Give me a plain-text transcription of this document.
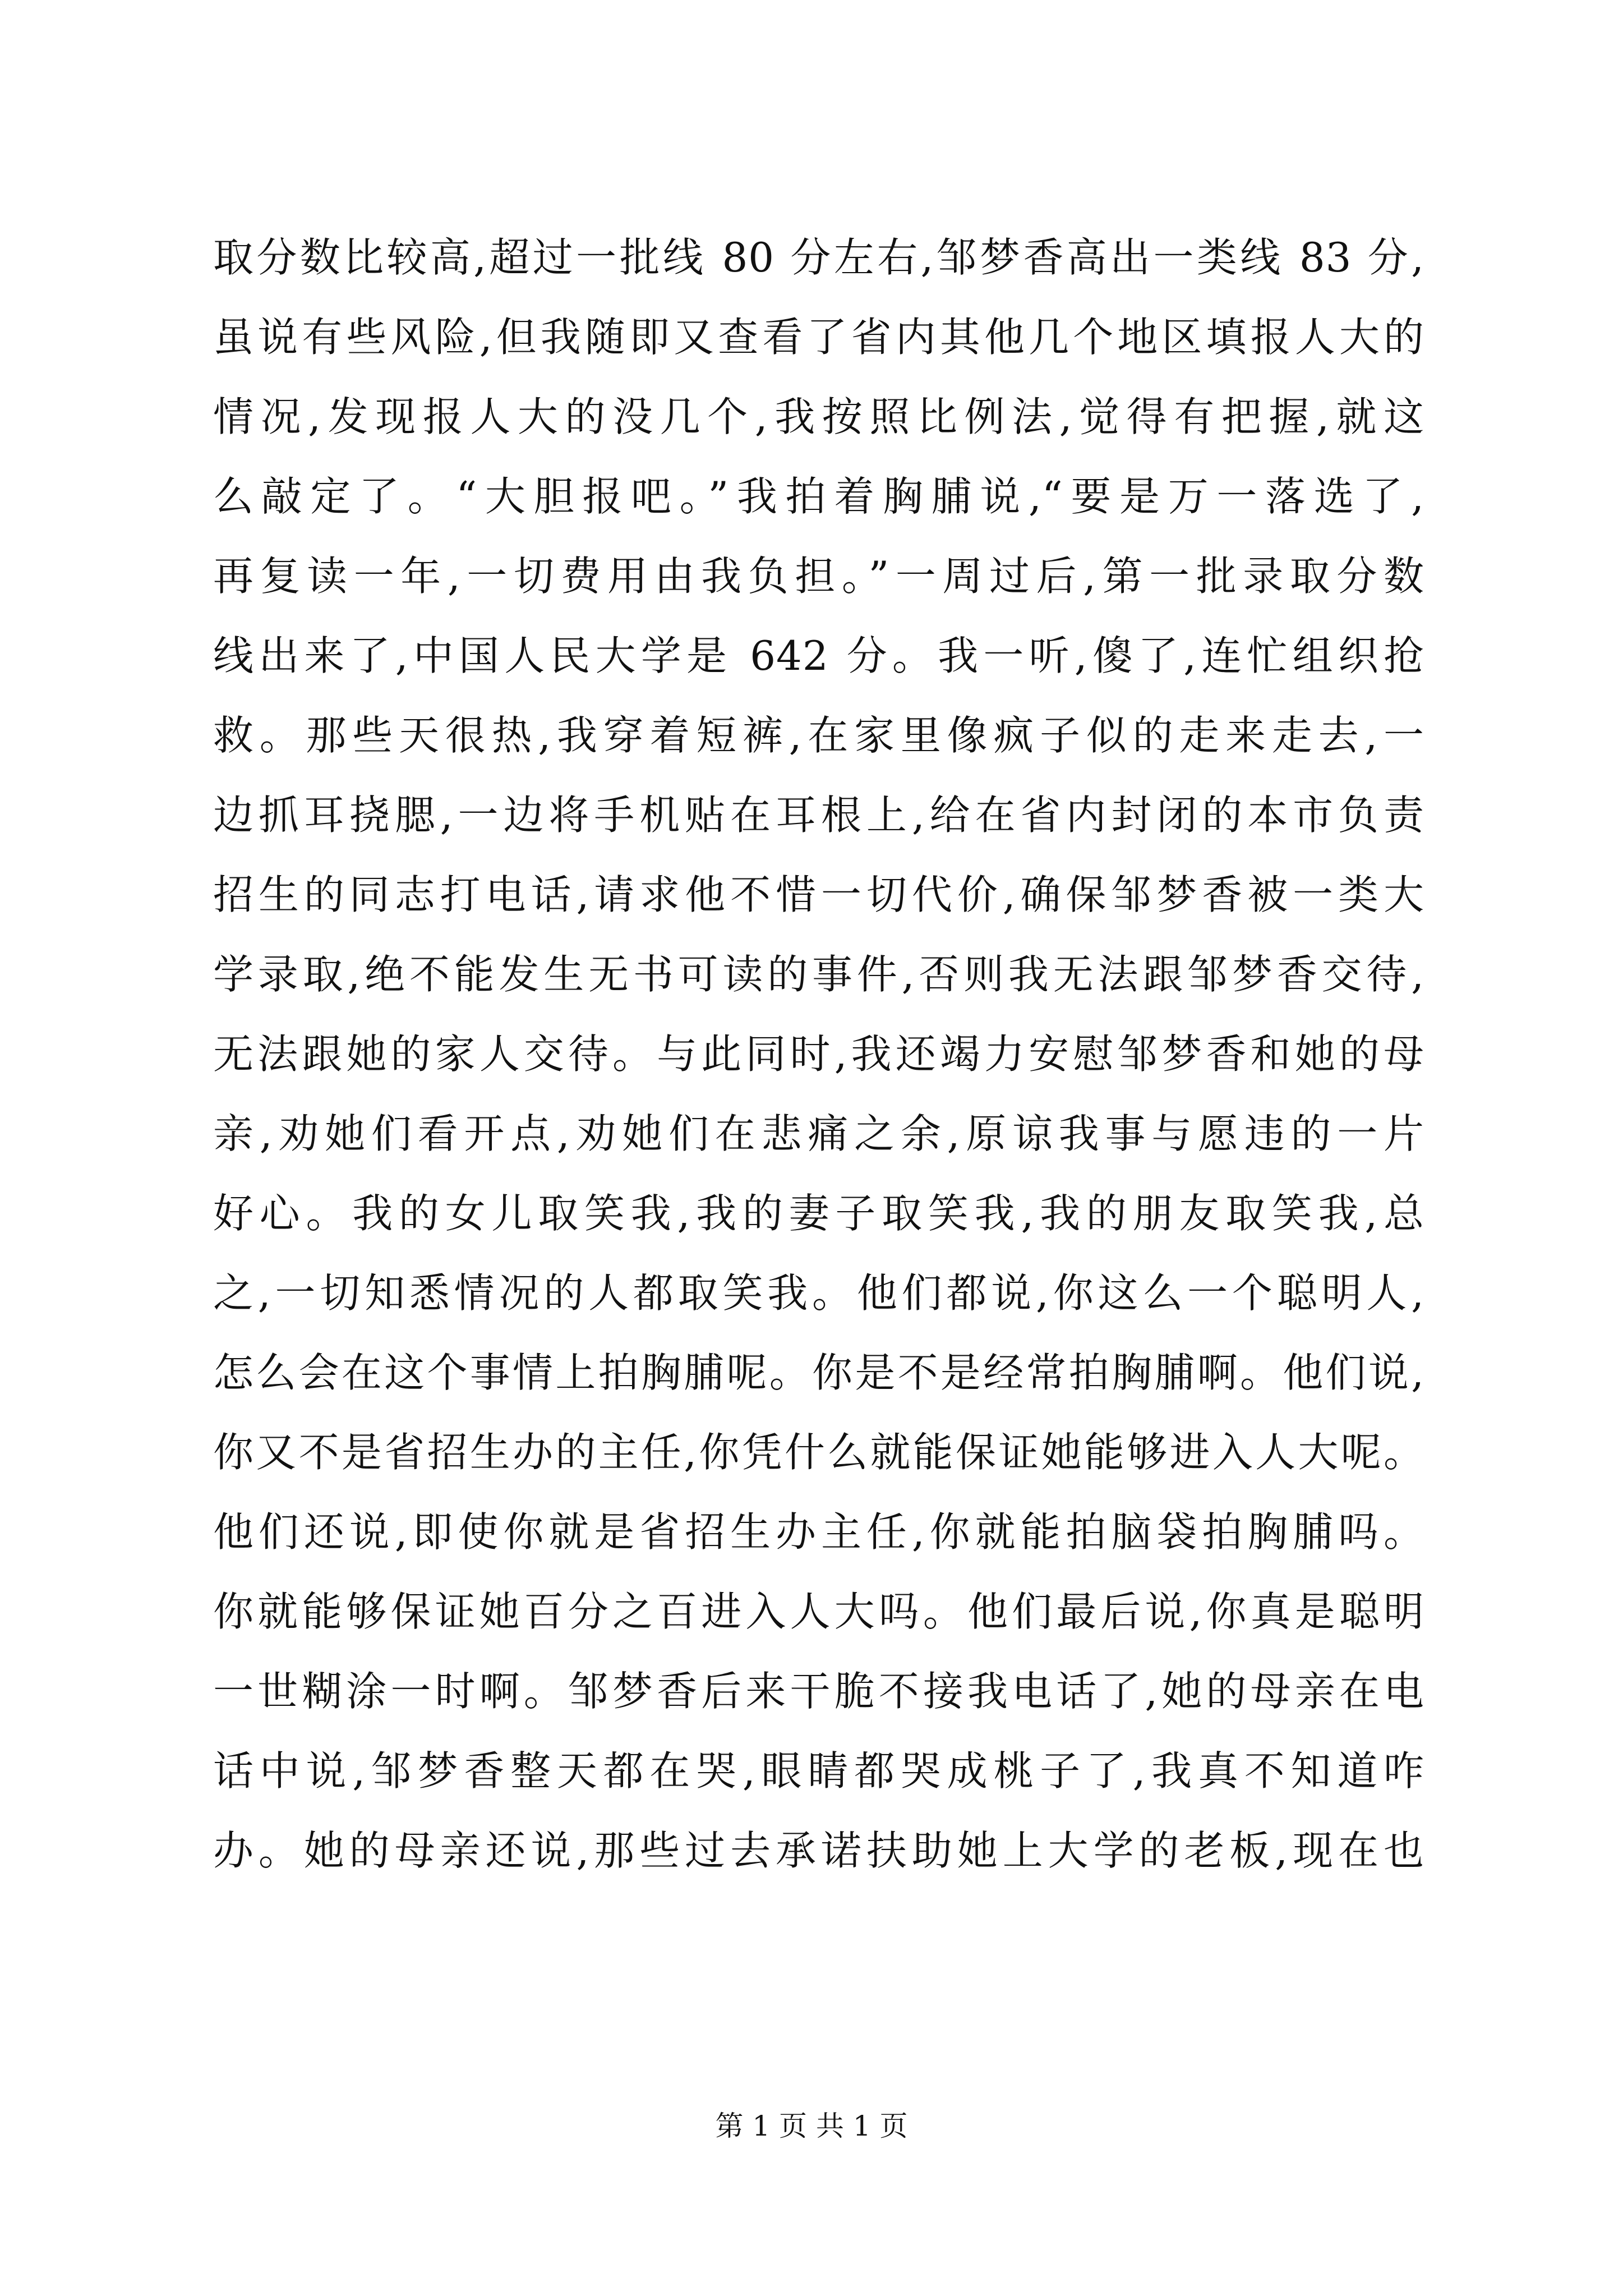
取分数比较高,超过一批线 80 分左右,邹梦香高出一类线 83 分,
虽说有些风险,但我随即又查看了省内其他几个地区填报人大的
情况,发现报人大的没几个,我按照比例法,觉得有把握,就这
么敲定了。“大胆报吧。”我拍着胸脯说,“要是万一落选了,
再复读一年,一切费用由我负担。”一周过后,第一批录取分数
线出来了,中国人民大学是 642 分。我一听,傻了,连忙组织抢
救。那些天很热,我穿着短裤,在家里像疯子似的走来走去,一
边抓耳挠腮,一边将手机贴在耳根上,给在省内封闭的本市负责
招生的同志打电话,请求他不惜一切代价,确保邹梦香被一类大
学录取,绝不能发生无书可读的事件,否则我无法跟邹梦香交待,
无法跟她的家人交待。与此同时,我还竭力安慰邹梦香和她的母
亲,劝她们看开点,劝她们在悲痛之余,原谅我事与愿违的一片
好心。我的女儿取笑我,我的妻子取笑我,我的朋友取笑我,总
之,一切知悉情况的人都取笑我。他们都说,你这么一个聪明人,
怎么会在这个事情上拍胸脯呢。你是不是经常拍胸脯啊。他们说,
你又不是省招生办的主任,你凭什么就能保证她能够进入人大呢。
他们还说,即使你就是省招生办主任,你就能拍脑袋拍胸脯吗。
你就能够保证她百分之百进入人大吗。他们最后说,你真是聪明
一世糊涂一时啊。邹梦香后来干脆不接我电话了,她的母亲在电
话中说,邹梦香整天都在哭,眼睛都哭成桃子了,我真不知道咋
办。她的母亲还说,那些过去承诺扶助她上大学的老板,现在也
第 1 页 共 1 页
